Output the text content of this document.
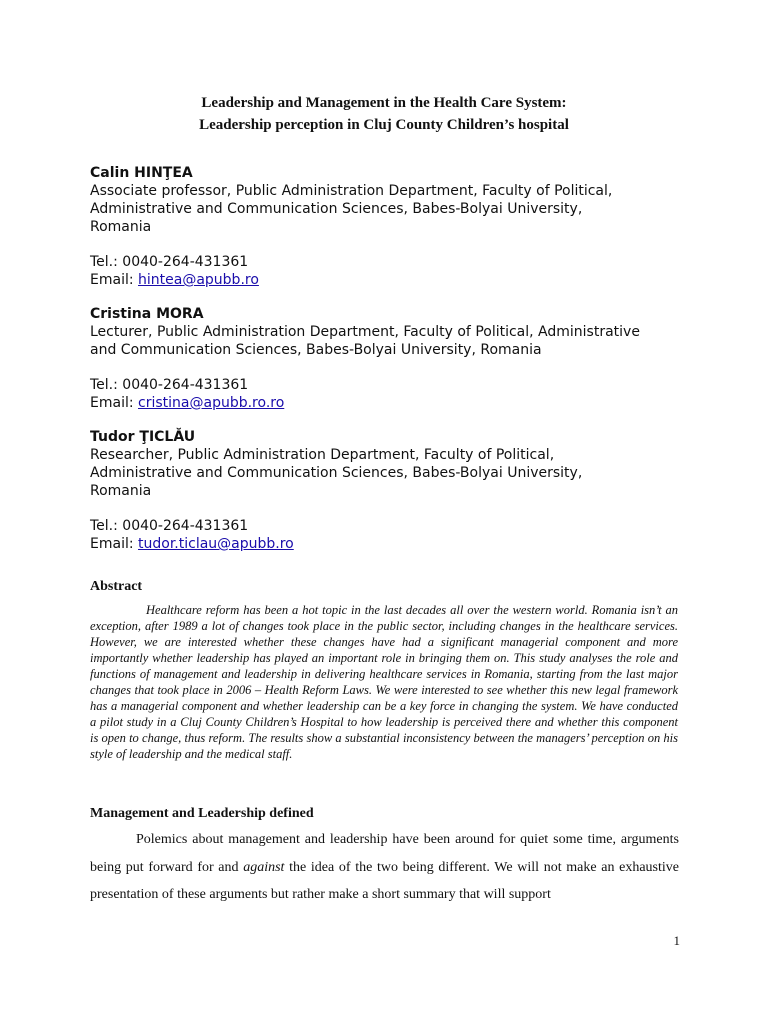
Leadership and Management in the Health Care System:
Leadership perception in Cluj County Children’s hospital
Calin HINŢEA
Associate professor, Public Administration Department, Faculty of Political,
Administrative and Communication Sciences, Babes-Bolyai University,
Romania
Tel.: 0040-264-431361
Email: hintea@apubb.ro
Cristina MORA
Lecturer, Public Administration Department, Faculty of Political, Administrative
and Communication Sciences, Babes-Bolyai University, Romania
Tel.: 0040-264-431361
Email: cristina@apubb.ro.ro
Tudor ŢICLĂU
Researcher, Public Administration Department, Faculty of Political,
Administrative and Communication Sciences, Babes-Bolyai University,
Romania
Tel.: 0040-264-431361
Email: tudor.ticlau@apubb.ro
Abstract

Healthcare reform has been a hot topic in the last decades all over the western world. Romania isn’t an exception, after 1989 a lot of changes took place in the public sector, including changes in the healthcare services. However, we are interested whether these changes have had a significant managerial component and more importantly whether leadership has played an important role in bringing them on. This study analyses the role and functions of management and leadership in delivering healthcare services in Romania, starting from the last major changes that took place in 2006 – Health Reform Laws. We were interested to see whether this new legal framework has a managerial component and whether leadership can be a key force in changing the system. We have conducted a pilot study in a Cluj County Children’s Hospital to how leadership is perceived there and whether this component is open to change, thus reform. The results show a substantial inconsistency between the managers’ perception on his style of leadership and the medical staff.

Management and Leadership defined

Polemics about management and leadership have been around for quiet some time, arguments being put forward for and against the idea of the two being different. We will not make an exhaustive presentation of these arguments but rather make a short summary that will support

1
